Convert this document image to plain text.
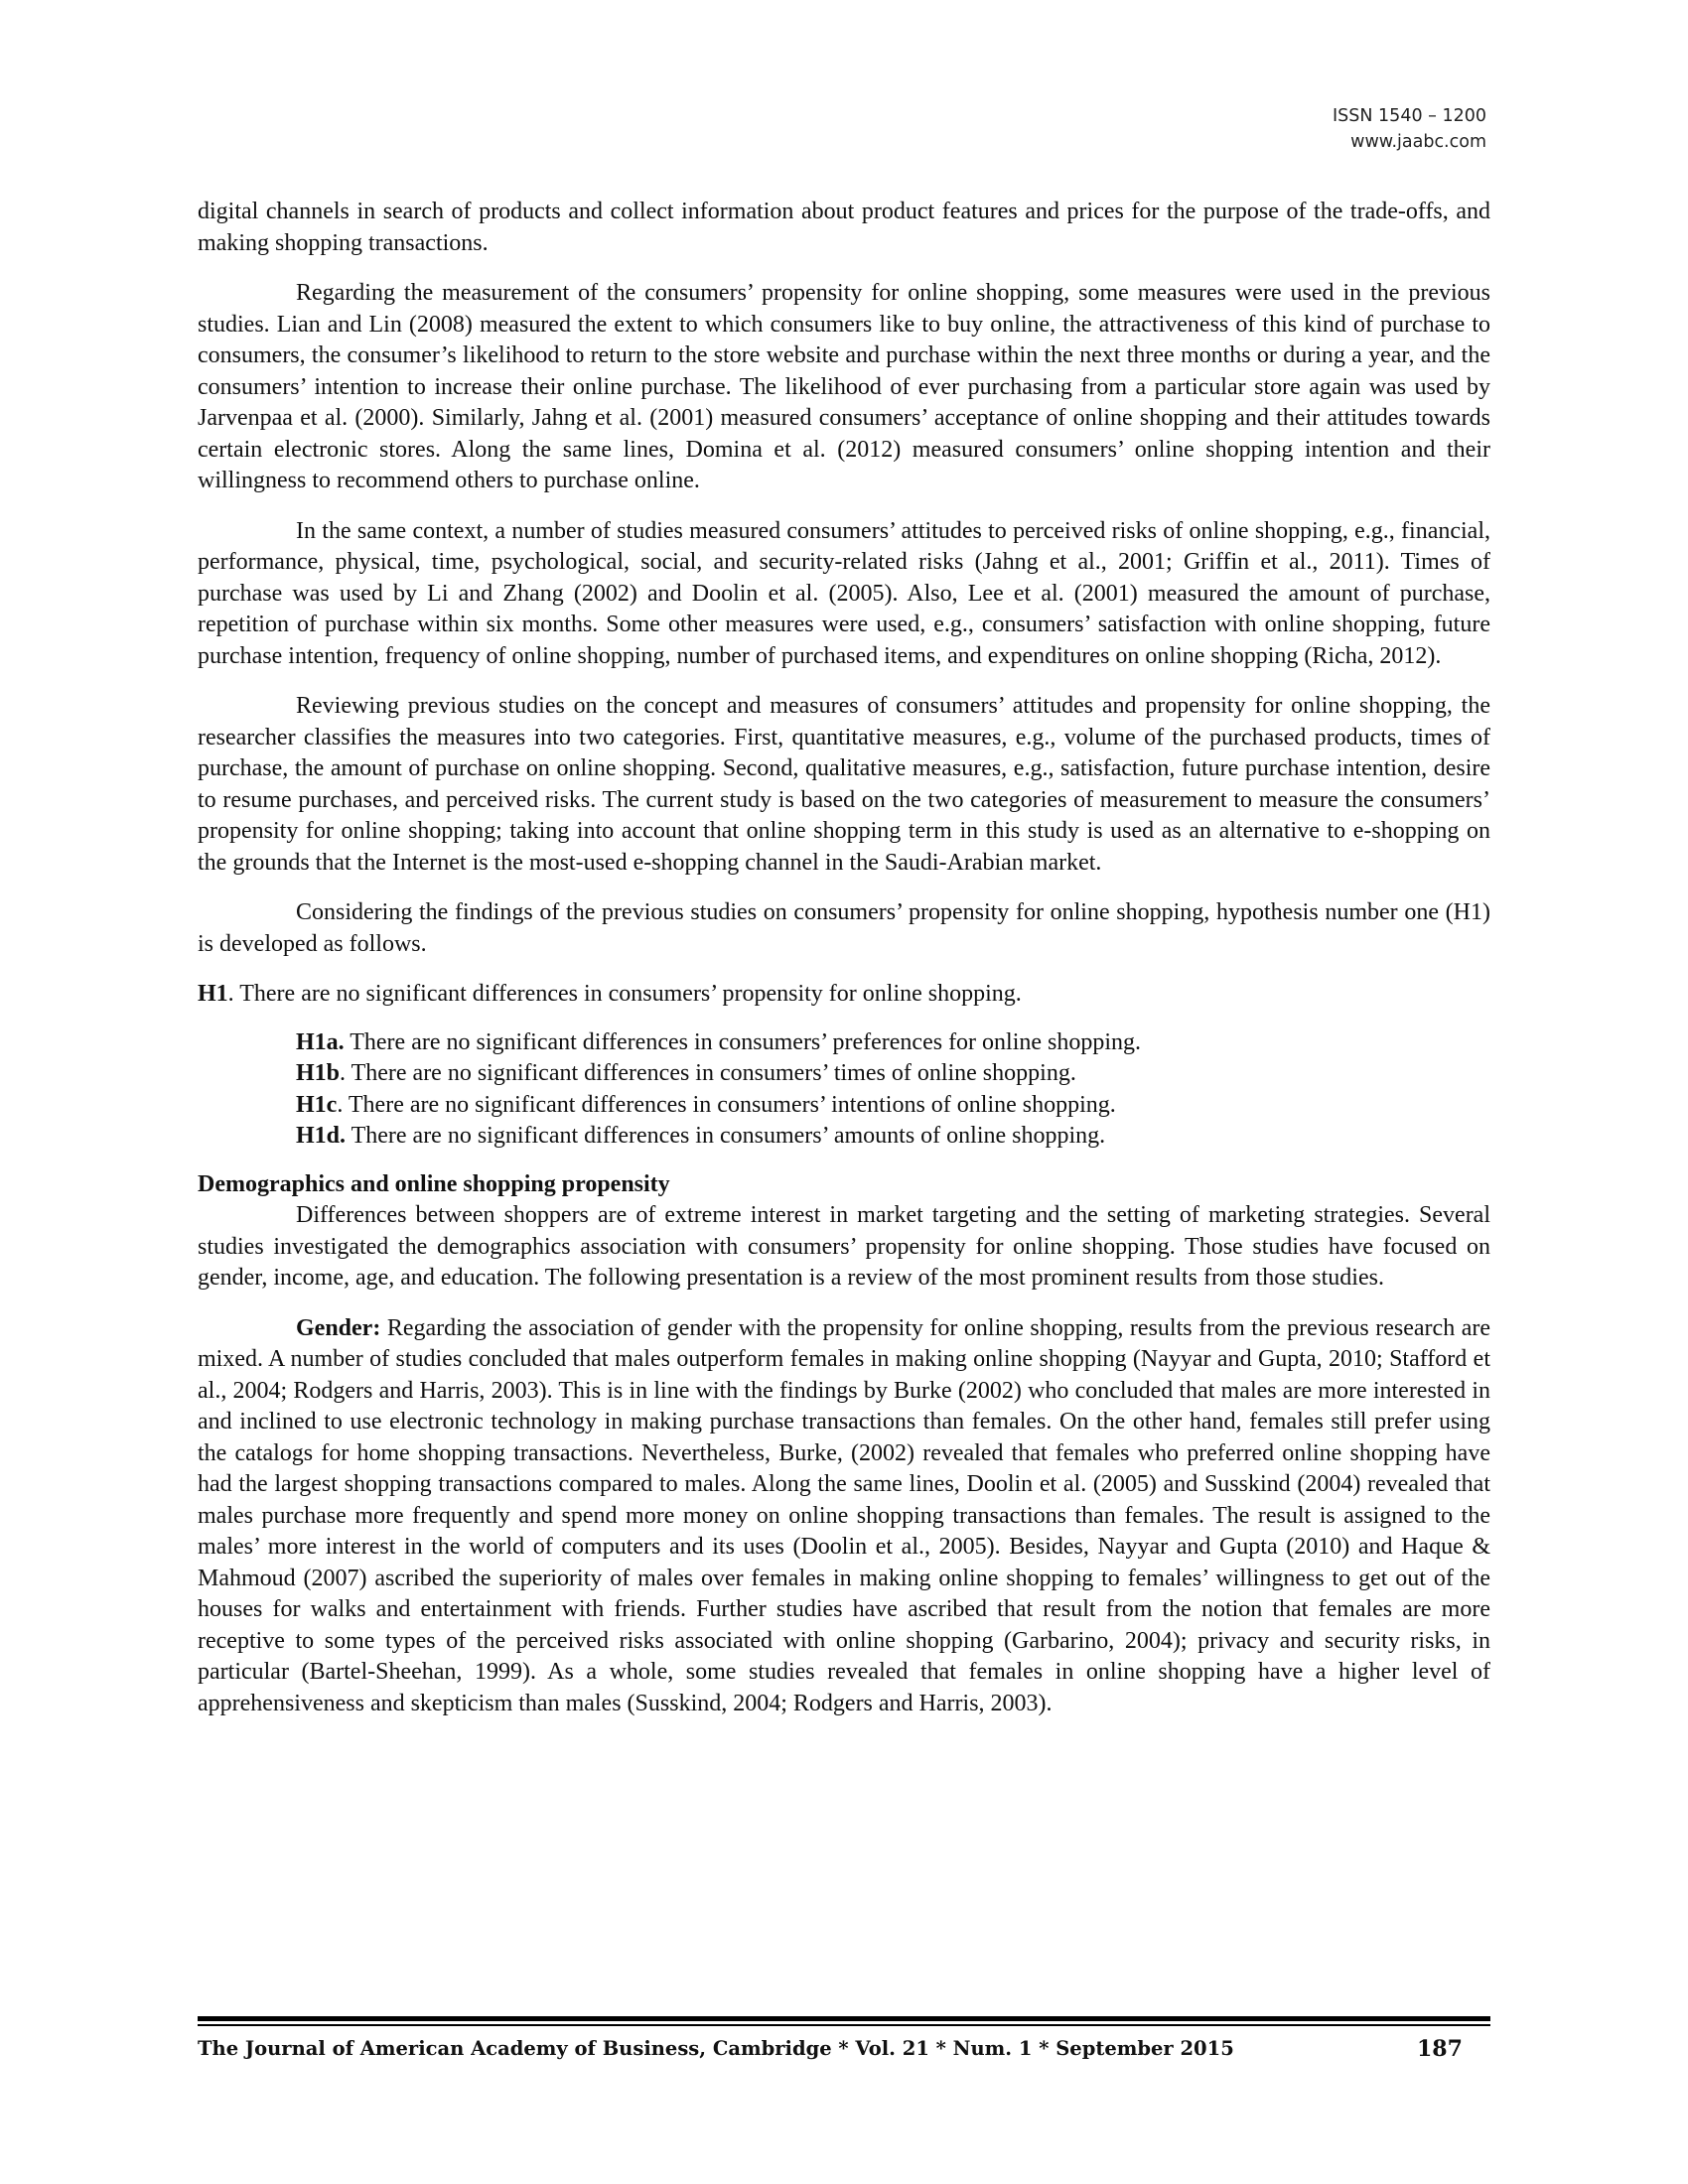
ISSN 1540 – 1200
www.jaabc.com

digital channels in search of products and collect information about product features and prices for the purpose of the trade-offs, and making shopping transactions.

Regarding the measurement of the consumers’ propensity for online shopping, some measures were used in the previous studies. Lian and Lin (2008) measured the extent to which consumers like to buy online, the attractiveness of this kind of purchase to consumers, the consumer’s likelihood to return to the store website and purchase within the next three months or during a year, and the consumers’ intention to increase their online purchase. The likelihood of ever purchasing from a particular store again was used by Jarvenpaa et al. (2000). Similarly, Jahng et al. (2001) measured consumers’ acceptance of online shopping and their attitudes towards certain electronic stores. Along the same lines, Domina et al. (2012) measured consumers’ online shopping intention and their willingness to recommend others to purchase online.

In the same context, a number of studies measured consumers’ attitudes to perceived risks of online shopping, e.g., financial, performance, physical, time, psychological, social, and security-related risks (Jahng et al., 2001; Griffin et al., 2011). Times of purchase was used by Li and Zhang (2002) and Doolin et al. (2005). Also, Lee et al. (2001) measured the amount of purchase, repetition of purchase within six months. Some other measures were used, e.g., consumers’ satisfaction with online shopping, future purchase intention, frequency of online shopping, number of purchased items, and expenditures on online shopping (Richa, 2012).

Reviewing previous studies on the concept and measures of consumers’ attitudes and propensity for online shopping, the researcher classifies the measures into two categories. First, quantitative measures, e.g., volume of the purchased products, times of purchase, the amount of purchase on online shopping. Second, qualitative measures, e.g., satisfaction, future purchase intention, desire to resume purchases, and perceived risks. The current study is based on the two categories of measurement to measure the consumers’ propensity for online shopping; taking into account that online shopping term in this study is used as an alternative to e-shopping on the grounds that the Internet is the most-used e-shopping channel in the Saudi-Arabian market.

Considering the findings of the previous studies on consumers’ propensity for online shopping, hypothesis number one (H1) is developed as follows.

H1. There are no significant differences in consumers’ propensity for online shopping.
H1a. There are no significant differences in consumers’ preferences for online shopping.
H1b. There are no significant differences in consumers’ times of online shopping.
H1c. There are no significant differences in consumers’ intentions of online shopping.
H1d. There are no significant differences in consumers’ amounts of online shopping.
Demographics and online shopping propensity

Differences between shoppers are of extreme interest in market targeting and the setting of marketing strategies. Several studies investigated the demographics association with consumers’ propensity for online shopping. Those studies have focused on gender, income, age, and education. The following presentation is a review of the most prominent results from those studies.

Gender: Regarding the association of gender with the propensity for online shopping, results from the previous research are mixed. A number of studies concluded that males outperform females in making online shopping (Nayyar and Gupta, 2010; Stafford et al., 2004; Rodgers and Harris, 2003). This is in line with the findings by Burke (2002) who concluded that males are more interested in and inclined to use electronic technology in making purchase transactions than females. On the other hand, females still prefer using the catalogs for home shopping transactions. Nevertheless, Burke, (2002) revealed that females who preferred online shopping have had the largest shopping transactions compared to males. Along the same lines, Doolin et al. (2005) and Susskind (2004) revealed that males purchase more frequently and spend more money on online shopping transactions than females. The result is assigned to the males’ more interest in the world of computers and its uses (Doolin et al., 2005). Besides, Nayyar and Gupta (2010) and Haque & Mahmoud (2007) ascribed the superiority of males over females in making online shopping to females’ willingness to get out of the houses for walks and entertainment with friends. Further studies have ascribed that result from the notion that females are more receptive to some types of the perceived risks associated with online shopping (Garbarino, 2004); privacy and security risks, in particular (Bartel-Sheehan, 1999). As a whole, some studies revealed that females in online shopping have a higher level of apprehensiveness and skepticism than males (Susskind, 2004; Rodgers and Harris, 2003).

The Journal of American Academy of Business, Cambridge * Vol. 21 * Num. 1 * September 2015	187
